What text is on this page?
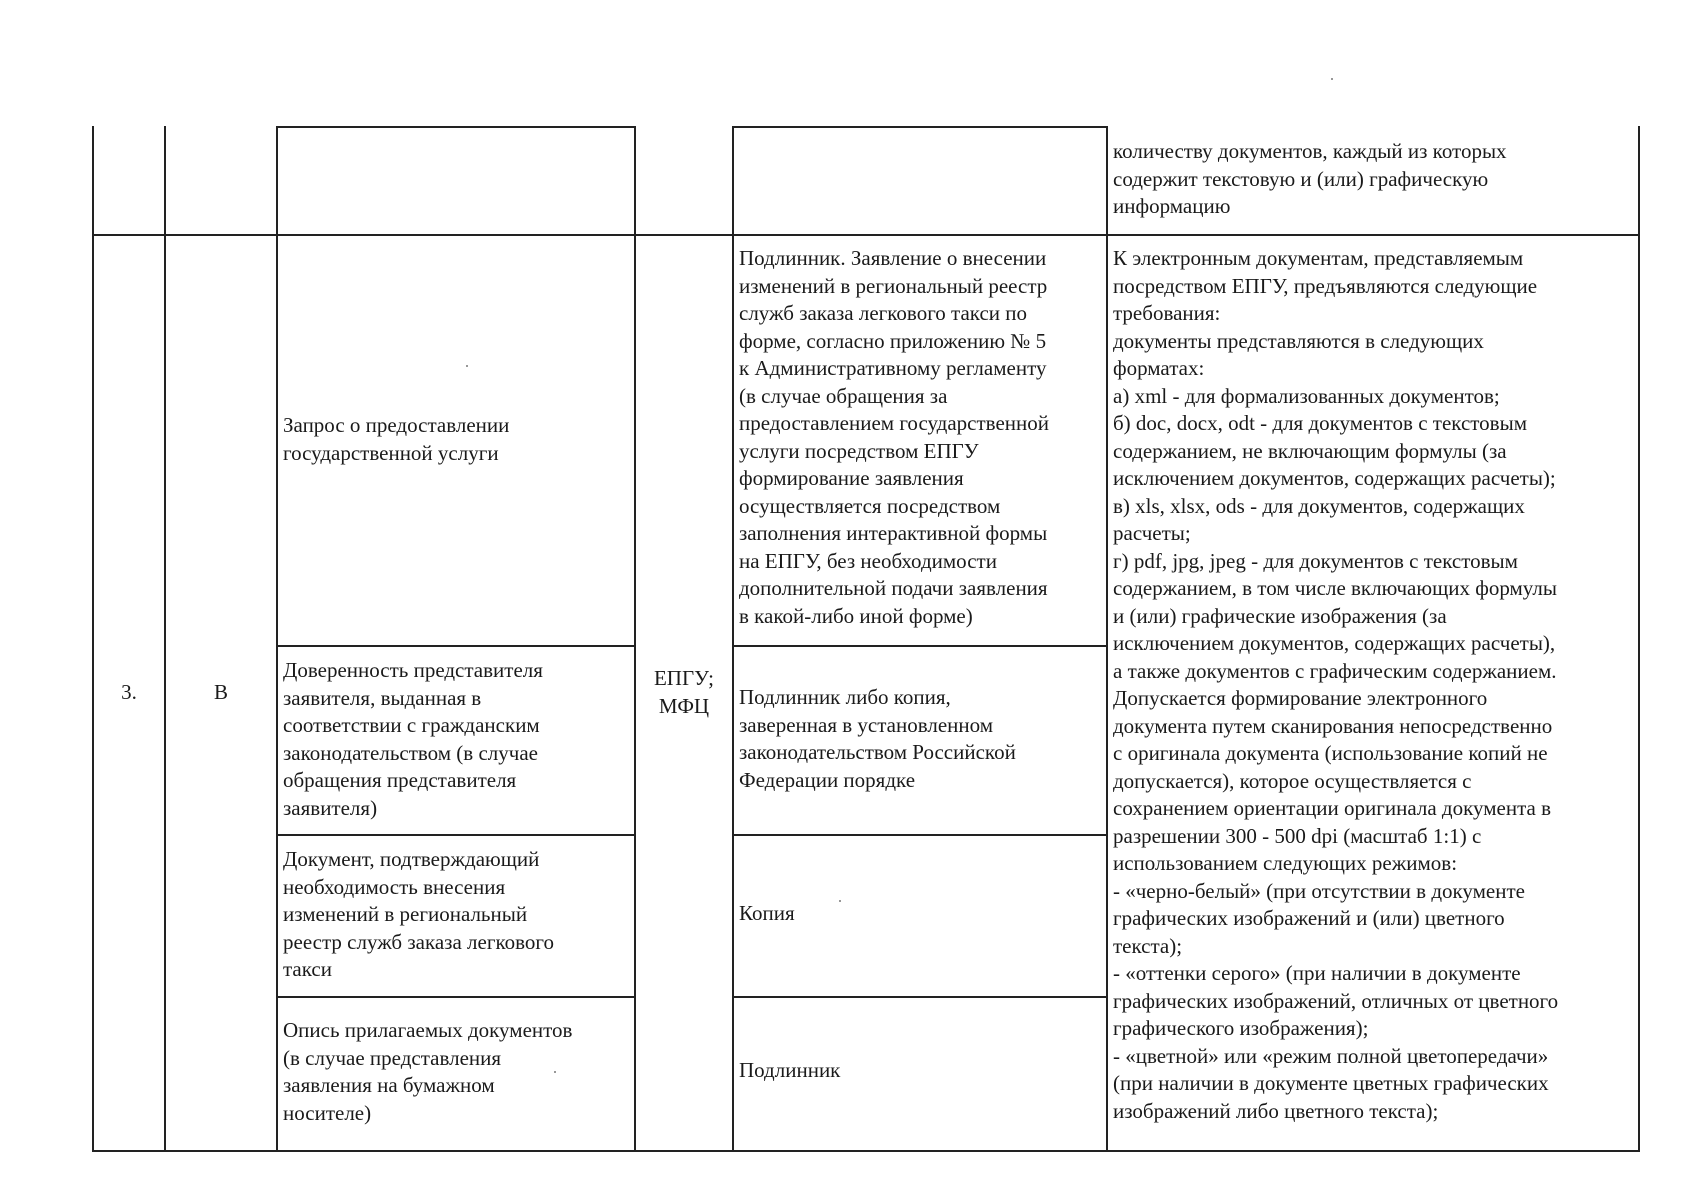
количеству документов, каждый из которых
содержит текстовую и (или) графическую
информацию

3.	В

ЕПГУ;
МФЦ

Запрос о предоставлении
государственной услуги

Доверенность представителя
заявителя, выданная в
соответствии с гражданским
законодательством (в случае
обращения представителя
заявителя)

Документ, подтверждающий
необходимость внесения
изменений в региональный
реестр служб заказа легкового
такси

Опись прилагаемых документов
(в случае представления
заявления на бумажном
носителе)

Подлинник. Заявление о внесении
изменений в региональный реестр
служб заказа легкового такси по
форме, согласно приложению № 5
к Административному регламенту
(в случае обращения за
предоставлением государственной
услуги посредством ЕПГУ
формирование заявления
осуществляется посредством
заполнения интерактивной формы
на ЕПГУ, без необходимости
дополнительной подачи заявления
в какой-либо иной форме)

Подлинник либо копия,
заверенная в установленном
законодательством Российской
Федерации порядке

Копия

Подлинник

К электронным документам, представляемым
посредством ЕПГУ, предъявляются следующие
требования:
документы представляются в следующих
форматах:
а) xml - для формализованных документов;
б) doc, docx, odt - для документов с текстовым
содержанием, не включающим формулы (за
исключением документов, содержащих расчеты);
в) xls, xlsx, ods - для документов, содержащих
расчеты;
г) pdf, jpg, jpeg - для документов с текстовым
содержанием, в том числе включающих формулы
и (или) графические изображения (за
исключением документов, содержащих расчеты),
а также документов с графическим содержанием.
Допускается формирование электронного
документа путем сканирования непосредственно
с оригинала документа (использование копий не
допускается), которое осуществляется с
сохранением ориентации оригинала документа в
разрешении 300 - 500 dpi (масштаб 1:1) с
использованием следующих режимов:
- «черно-белый» (при отсутствии в документе
графических изображений и (или) цветного
текста);
- «оттенки серого» (при наличии в документе
графических изображений, отличных от цветного
графического изображения);
- «цветной» или «режим полной цветопередачи»
(при наличии в документе цветных графических
изображений либо цветного текста);
